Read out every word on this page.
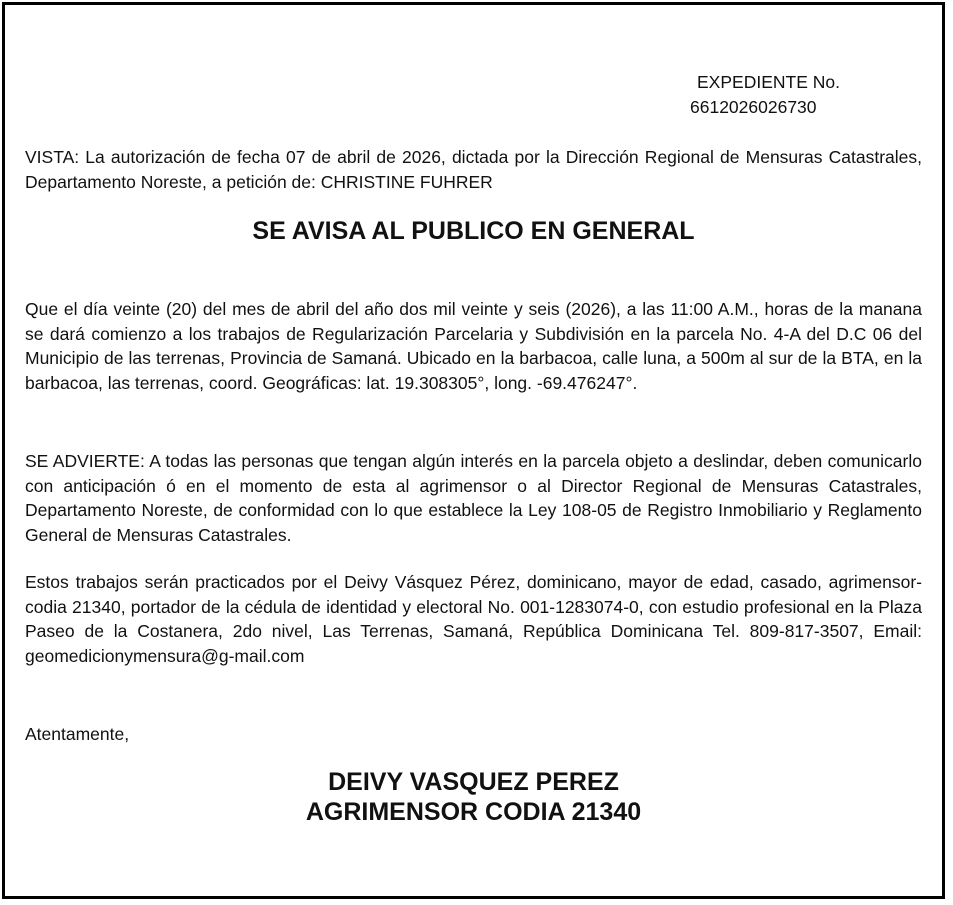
EXPEDIENTE No.
6612026026730

VISTA: La autorización de fecha 07 de abril de 2026, dictada por la Dirección Regional de Mensuras Catastrales, Departamento Noreste, a petición de: CHRISTINE FUHRER

SE AVISA AL PUBLICO EN GENERAL

Que el día veinte (20) del mes de abril del año dos mil veinte y seis (2026), a las 11:00 A.M., horas de la manana se dará comienzo a los trabajos de Regularización Parcelaria y Subdivisión en la parcela No. 4-A del D.C 06 del Municipio de las terrenas, Provincia de Samaná. Ubicado en la barbacoa, calle luna, a 500m al sur de la BTA, en la barbacoa, las terrenas, coord. Geográficas: lat. 19.308305°, long. -69.476247°.

SE ADVIERTE: A todas las personas que tengan algún interés en la parcela objeto a deslindar, deben comunicarlo con anticipación ó en el momento de esta al agrimensor o al Director Regional de Mensuras Catastrales, Departamento Noreste, de conformidad con lo que establece la Ley 108-05 de Registro Inmobiliario y Reglamento General de Mensuras Catastrales.

Estos trabajos serán practicados por el Deivy Vásquez Pérez, dominicano, mayor de edad, casado, agrimensor-codia 21340, portador de la cédula de identidad y electoral No. 001-1283074-0, con estudio profesional en la Plaza Paseo de la Costanera, 2do nivel, Las Terrenas, Samaná, República Dominicana Tel. 809-817-3507, Email: geomedicionymensura@g-mail.com

Atentamente,
DEIVY VASQUEZ PEREZ
AGRIMENSOR CODIA 21340
